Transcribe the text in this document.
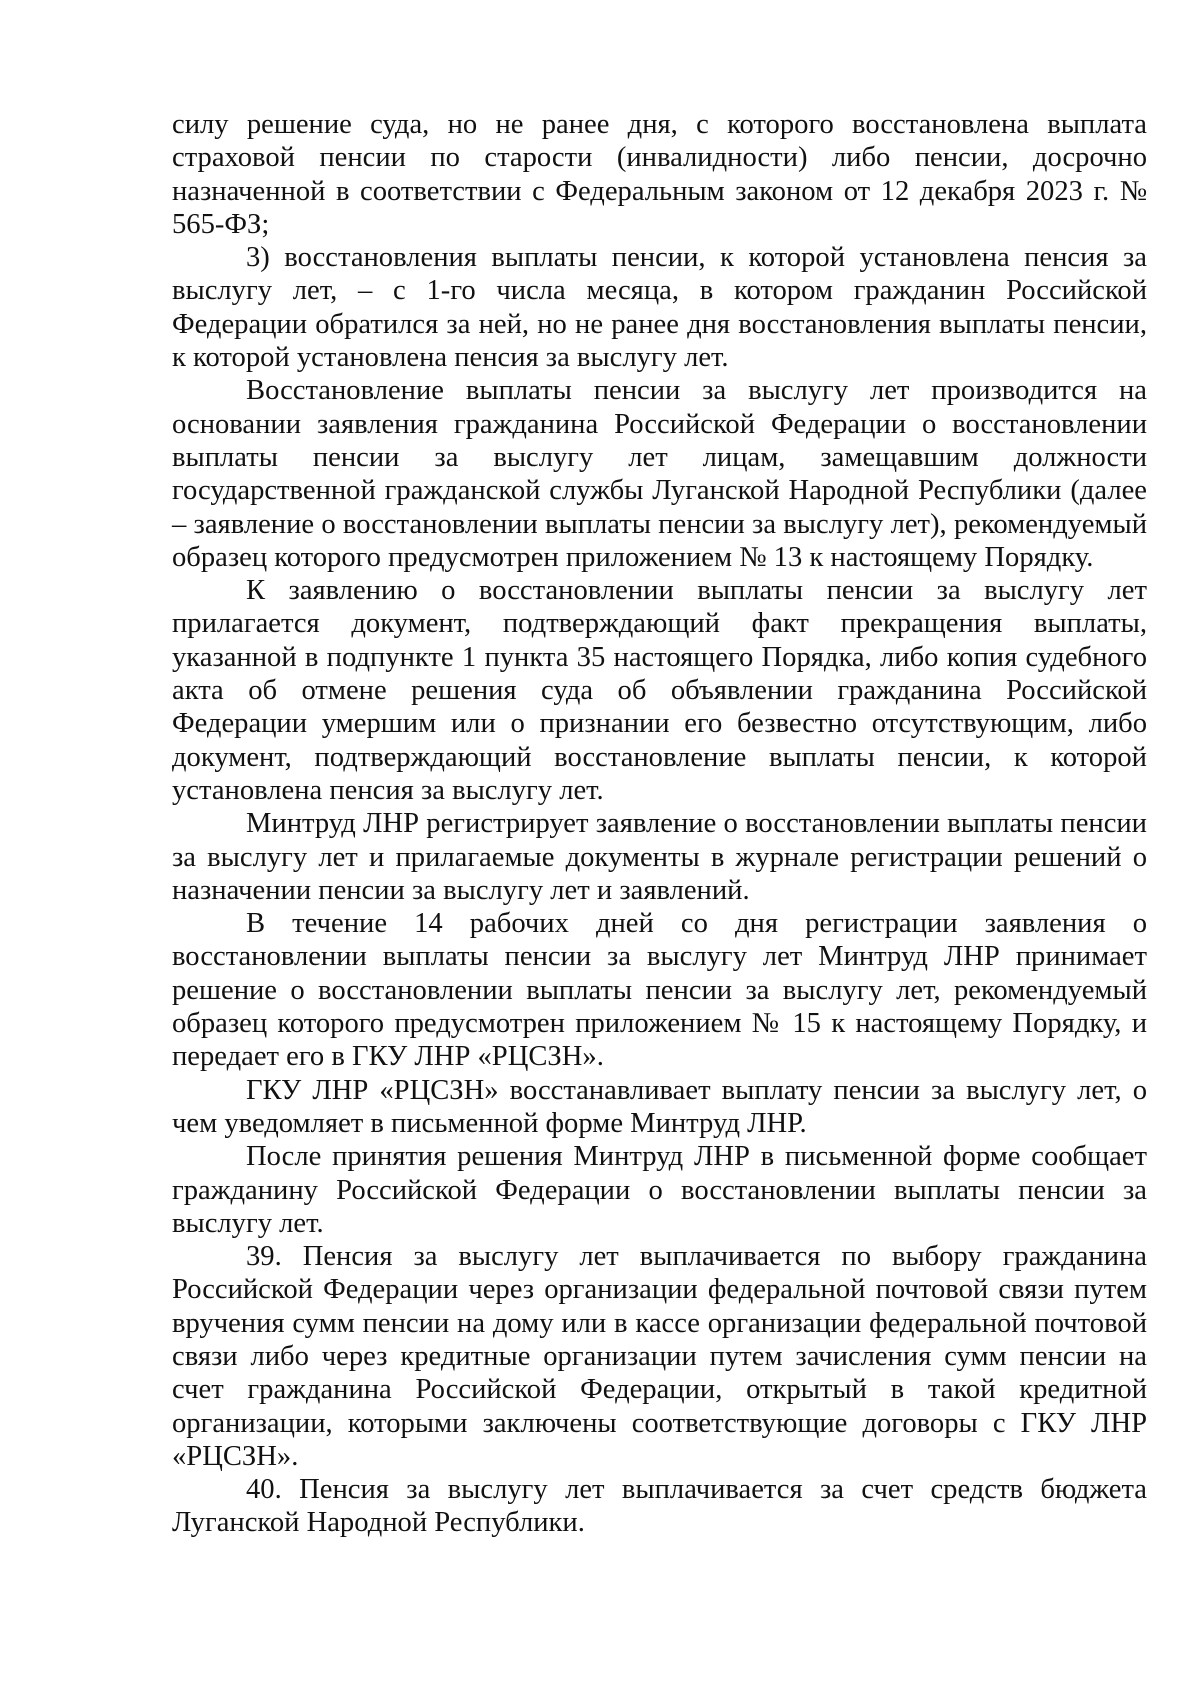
силу решение суда, но не ранее дня, с которого восстановлена выплата страховой пенсии по старости (инвалидности) либо пенсии, досрочно назначенной в соответствии с Федеральным законом от 12 декабря 2023 г. № 565-ФЗ;

3) восстановления выплаты пенсии, к которой установлена пенсия за выслугу лет, – с 1-го числа месяца, в котором гражданин Российской Федерации обратился за ней, но не ранее дня восстановления выплаты пенсии, к которой установлена пенсия за выслугу лет.

Восстановление выплаты пенсии за выслугу лет производится на основании заявления гражданина Российской Федерации о восстановлении выплаты пенсии за выслугу лет лицам, замещавшим должности государственной гражданской службы Луганской Народной Республики (далее – заявление о восстановлении выплаты пенсии за выслугу лет), рекомендуемый образец которого предусмотрен приложением № 13 к настоящему Порядку.

К заявлению о восстановлении выплаты пенсии за выслугу лет прилагается документ, подтверждающий факт прекращения выплаты, указанной в подпункте 1 пункта 35 настоящего Порядка, либо копия судебного акта об отмене решения суда об объявлении гражданина Российской Федерации умершим или о признании его безвестно отсутствующим, либо документ, подтверждающий восстановление выплаты пенсии, к которой установлена пенсия за выслугу лет.

Минтруд ЛНР регистрирует заявление о восстановлении выплаты пенсии за выслугу лет и прилагаемые документы в журнале регистрации решений о назначении пенсии за выслугу лет и заявлений.

В течение 14 рабочих дней со дня регистрации заявления о восстановлении выплаты пенсии за выслугу лет Минтруд ЛНР принимает решение о восстановлении выплаты пенсии за выслугу лет, рекомендуемый образец которого предусмотрен приложением № 15 к настоящему Порядку, и передает его в ГКУ ЛНР «РЦСЗН».

ГКУ ЛНР «РЦСЗН» восстанавливает выплату пенсии за выслугу лет, о чем уведомляет в письменной форме Минтруд ЛНР.

После принятия решения Минтруд ЛНР в письменной форме сообщает гражданину Российской Федерации о восстановлении выплаты пенсии за выслугу лет.

39. Пенсия за выслугу лет выплачивается по выбору гражданина Российской Федерации через организации федеральной почтовой связи путем вручения сумм пенсии на дому или в кассе организации федеральной почтовой связи либо через кредитные организации путем зачисления сумм пенсии на счет гражданина Российской Федерации, открытый в такой кредитной организации, которыми заключены соответствующие договоры с ГКУ ЛНР «РЦСЗН».

40. Пенсия за выслугу лет выплачивается за счет средств бюджета Луганской Народной Республики.
